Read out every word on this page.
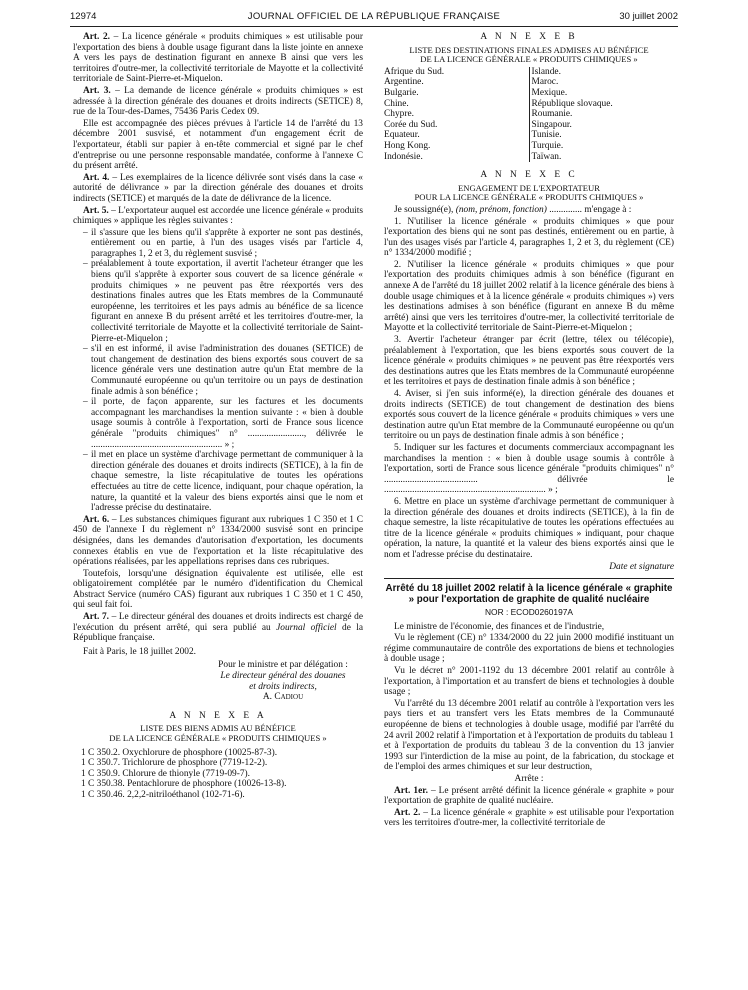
12974	JOURNAL OFFICIEL DE LA RÉPUBLIQUE FRANÇAISE	30 juillet 2002

Art. 2. – La licence générale « produits chimiques » est utilisable pour l'exportation des biens à double usage figurant dans la liste jointe en annexe A vers les pays de destination figurant en annexe B ainsi que vers les territoires d'outre-mer, la collectivité territoriale de Mayotte et la collectivité territoriale de Saint-Pierre-et-Miquelon.

Art. 3. – La demande de licence générale « produits chimiques » est adressée à la direction générale des douanes et droits indirects (SETICE) 8, rue de la Tour-des-Dames, 75436 Paris Cedex 09.

Elle est accompagnée des pièces prévues à l'article 14 de l'arrêté du 13 décembre 2001 susvisé, et notamment d'un engagement écrit de l'exportateur, établi sur papier à en-tête commercial et signé par le chef d'entreprise ou une personne responsable mandatée, conforme à l'annexe C du présent arrêté.

Art. 4. – Les exemplaires de la licence délivrée sont visés dans la case « autorité de délivrance » par la direction générale des douanes et droits indirects (SETICE) et marqués de la date de délivrance de la licence.

Art. 5. – L'exportateur auquel est accordée une licence générale « produits chimiques » applique les règles suivantes :

– il s'assure que les biens qu'il s'apprête à exporter ne sont pas destinés, entièrement ou en partie, à l'un des usages visés par l'article 4, paragraphes 1, 2 et 3, du règlement susvisé ;
– préalablement à toute exportation, il avertit l'acheteur étranger que les biens qu'il s'apprête à exporter sous couvert de sa licence générale « produits chimiques » ne peuvent pas être réexportés vers des destinations finales autres que les Etats membres de la Communauté européenne, les territoires et les pays admis au bénéfice de sa licence figurant en annexe B du présent arrêté et les territoires d'outre-mer, la collectivité territoriale de Mayotte et la collectivité territoriale de Saint-Pierre-et-Miquelon ;
– s'il en est informé, il avise l'administration des douanes (SETICE) de tout changement de destination des biens exportés sous couvert de sa licence générale vers une destination autre qu'un Etat membre de la Communauté européenne ou qu'un territoire ou un pays de destination finale admis à son bénéfice ;
– il porte, de façon apparente, sur les factures et les documents accompagnant les marchandises la mention suivante : « bien à double usage soumis à contrôle à l'exportation, sorti de France sous licence générale "produits chimiques" n° ........................, délivrée le ........................................................ » ;
– il met en place un système d'archivage permettant de communiquer à la direction générale des douanes et droits indirects (SETICE), à la fin de chaque semestre, la liste récapitulative de toutes les opérations effectuées au titre de cette licence, indiquant, pour chaque opération, la nature, la quantité et la valeur des biens exportés ainsi que le nom et l'adresse précise du destinataire.

Art. 6. – Les substances chimiques figurant aux rubriques 1 C 350 et 1 C 450 de l'annexe I du règlement n° 1334/2000 susvisé sont en principe désignées, dans les demandes d'autorisation d'exportation, les documents connexes établis en vue de l'exportation et la liste récapitulative des opérations réalisées, par les appellations reprises dans ces rubriques.

Toutefois, lorsqu'une désignation équivalente est utilisée, elle est obligatoirement complétée par le numéro d'identification du Chemical Abstract Service (numéro CAS) figurant aux rubriques 1 C 350 et 1 C 450, qui seul fait foi.

Art. 7. – Le directeur général des douanes et droits indirects est chargé de l'exécution du présent arrêté, qui sera publié au Journal officiel de la République française.

Fait à Paris, le 18 juillet 2002.

Pour le ministre et par délégation :
Le directeur général des douanes
et droits indirects,
A. Cadiou
A N N E X E A
LISTE DES BIENS ADMIS AU BÉNÉFICE
DE LA LICENCE GÉNÉRALE « PRODUITS CHIMIQUES »
1 C 350.2. Oxychlorure de phosphore (10025-87-3).
1 C 350.7. Trichlorure de phosphore (7719-12-2).
1 C 350.9. Chlorure de thionyle (7719-09-7).
1 C 350.38. Pentachlorure de phosphore (10026-13-8).
1 C 350.46. 2,2,2-nitriloéthanol (102-71-6).
A N N E X E B
LISTE DES DESTINATIONS FINALES ADMISES AU BÉNÉFICE
DE LA LICENCE GÉNÉRALE « PRODUITS CHIMIQUES »
Afrique du Sud.	Islande.
Argentine.	Maroc.
Bulgarie.	Mexique.
Chine.	République slovaque.
Chypre.	Roumanie.
Corée du Sud.	Singapour.
Equateur.	Tunisie.
Hong Kong.	Turquie.
Indonésie.	Taïwan.
A N N E X E C
ENGAGEMENT DE L'EXPORTATEUR
POUR LA LICENCE GÉNÉRALE « PRODUITS CHIMIQUES »

Je soussigné(e), (nom, prénom, fonction) .............. m'engage à :

1. N'utiliser la licence générale « produits chimiques » que pour l'exportation des biens qui ne sont pas destinés, entièrement ou en partie, à l'un des usages visés par l'article 4, paragraphes 1, 2 et 3, du règlement (CE) n° 1334/2000 modifié ;

2. N'utiliser la licence générale « produits chimiques » que pour l'exportation des produits chimiques admis à son bénéfice (figurant en annexe A de l'arrêté du 18 juillet 2002 relatif à la licence générale des biens à double usage chimiques et à la licence générale « produits chimiques ») vers les destinations admises à son bénéfice (figurant en annexe B du même arrêté) ainsi que vers les territoires d'outre-mer, la collectivité territoriale de Mayotte et la collectivité territoriale de Saint-Pierre-et-Miquelon ;

3. Avertir l'acheteur étranger par écrit (lettre, télex ou télécopie), préalablement à l'exportation, que les biens exportés sous couvert de la licence générale « produits chimiques » ne peuvent pas être réexportés vers des destinations autres que les Etats membres de la Communauté européenne et les territoires et pays de destination finale admis à son bénéfice ;

4. Aviser, si j'en suis informé(e), la direction générale des douanes et droits indirects (SETICE) de tout changement de destination des biens exportés sous couvert de la licence générale « produits chimiques » vers une destination autre qu'un Etat membre de la Communauté européenne ou qu'un territoire ou un pays de destination finale admis à son bénéfice ;

5. Indiquer sur les factures et documents commerciaux accompagnant les marchandises la mention : « bien à double usage soumis à contrôle à l'exportation, sorti de France sous licence générale "produits chimiques" n° ........................................ délivrée le ..................................................................... » ;

6. Mettre en place un système d'archivage permettant de communiquer à la direction générale des douanes et droits indirects (SETICE), à la fin de chaque semestre, la liste récapitulative de toutes les opérations effectuées au titre de la licence générale « produits chimiques » indiquant, pour chaque opération, la nature, la quantité et la valeur des biens exportés ainsi que le nom et l'adresse précise du destinataire.

Date et signature

Arrêté du 18 juillet 2002 relatif à la licence générale « graphite » pour l'exportation de graphite de qualité nucléaire
NOR : ECOD0260197A

Le ministre de l'économie, des finances et de l'industrie,

Vu le règlement (CE) n° 1334/2000 du 22 juin 2000 modifié instituant un régime communautaire de contrôle des exportations de biens et technologies à double usage ;

Vu le décret n° 2001-1192 du 13 décembre 2001 relatif au contrôle à l'exportation, à l'importation et au transfert de biens et technologies à double usage ;

Vu l'arrêté du 13 décembre 2001 relatif au contrôle à l'exportation vers les pays tiers et au transfert vers les Etats membres de la Communauté européenne de biens et technologies à double usage, modifié par l'arrêté du 24 avril 2002 relatif à l'importation et à l'exportation de produits du tableau 1 et à l'exportation de produits du tableau 3 de la convention du 13 janvier 1993 sur l'interdiction de la mise au point, de la fabrication, du stockage et de l'emploi des armes chimiques et sur leur destruction,

Arrête :

Art. 1er. – Le présent arrêté définit la licence générale « graphite » pour l'exportation de graphite de qualité nucléaire.

Art. 2. – La licence générale « graphite » est utilisable pour l'exportation vers les territoires d'outre-mer, la collectivité territoriale de
